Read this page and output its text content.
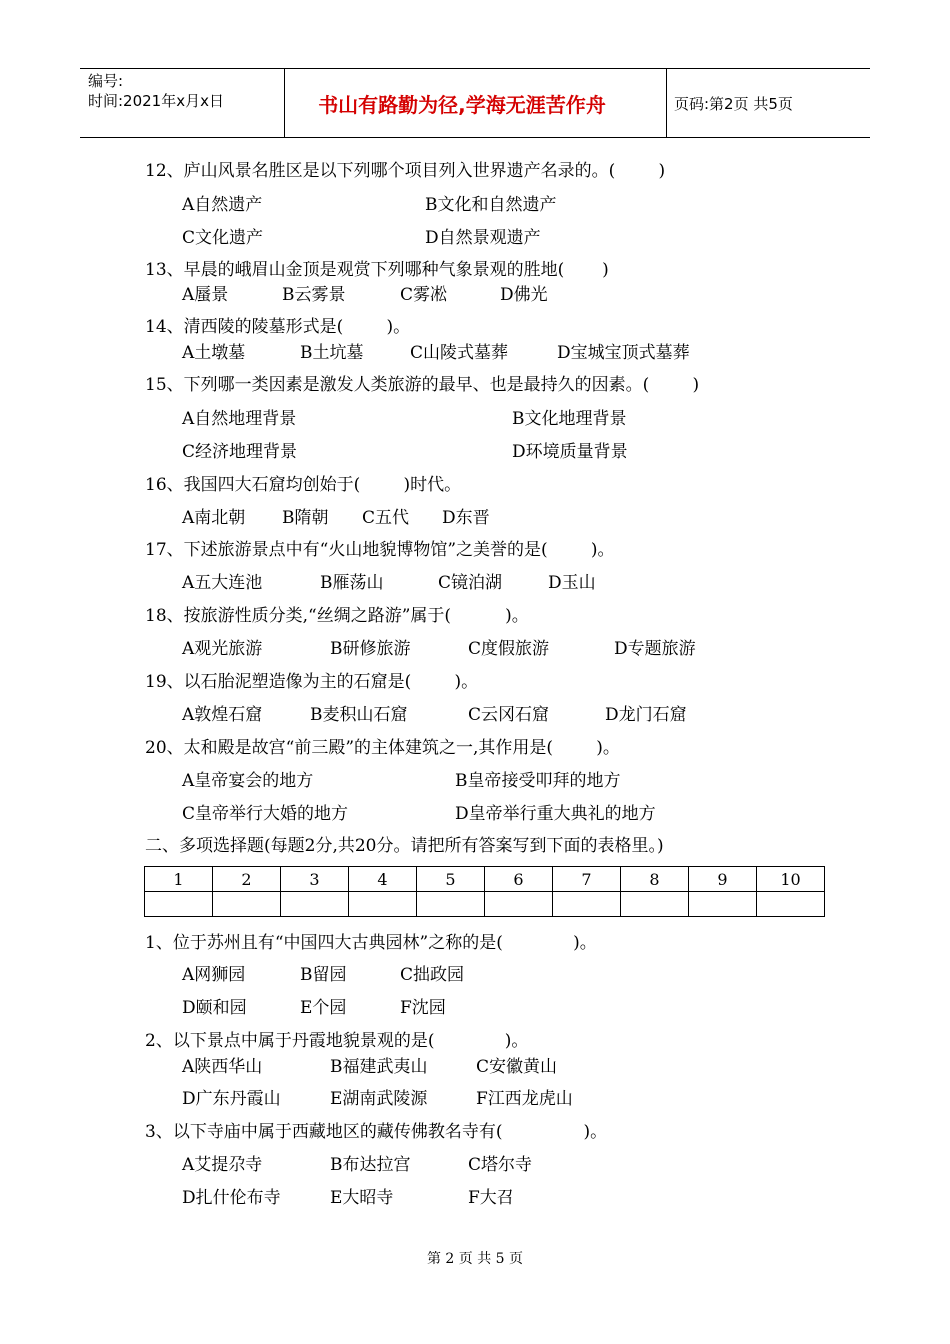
编号:
时间:2021年x月x日	书山有路勤为径,学海无涯苦作舟	页码:第2页 共5页
12、庐山风景名胜区是以下列哪个项目列入世界遗产名录的。(        )
A自然遗产	B文化和自然遗产
C文化遗产	D自然景观遗产
13、早晨的峨眉山金顶是观赏下列哪种气象景观的胜地(       )
A蜃景	B云雾景	C雾凇	D佛光
14、清西陵的陵墓形式是(        )。
A土墩墓	B土坑墓	C山陵式墓葬	D宝城宝顶式墓葬
15、下列哪一类因素是激发人类旅游的最早、也是最持久的因素。(        )
A自然地理背景	B文化地理背景
C经济地理背景	D环境质量背景
16、我国四大石窟均创始于(        )时代。
A南北朝 B隋朝 C五代 D东晋
17、下述旅游景点中有“火山地貌博物馆”之美誉的是(        )。
A五大连池	B雁荡山	C镜泊湖	D玉山
18、按旅游性质分类,“丝绸之路游”属于(          )。
A观光旅游	B研修旅游	C度假旅游	D专题旅游
19、以石胎泥塑造像为主的石窟是(        )。
A敦煌石窟	B麦积山石窟	C云冈石窟	D龙门石窟
20、太和殿是故宫“前三殿”的主体建筑之一,其作用是(        )。
A皇帝宴会的地方	B皇帝接受叩拜的地方
C皇帝举行大婚的地方	D皇帝举行重大典礼的地方
二、多项选择题(每题2分,共20分。请把所有答案写到下面的表格里。)
1	2	3	4	5	6	7	8	9	10

1、位于苏州且有“中国四大古典园林”之称的是(             )。
A网狮园	B留园	C拙政园
D颐和园	E个园	F沈园
2、以下景点中属于丹霞地貌景观的是(             )。
A陕西华山	B福建武夷山	C安徽黄山
D广东丹霞山	E湖南武陵源	F江西龙虎山
3、以下寺庙中属于西藏地区的藏传佛教名寺有(               )。
A艾提尕寺	B布达拉宫	C塔尔寺
D扎什伦布寺	E大昭寺	F大召
第 2 页 共 5 页
